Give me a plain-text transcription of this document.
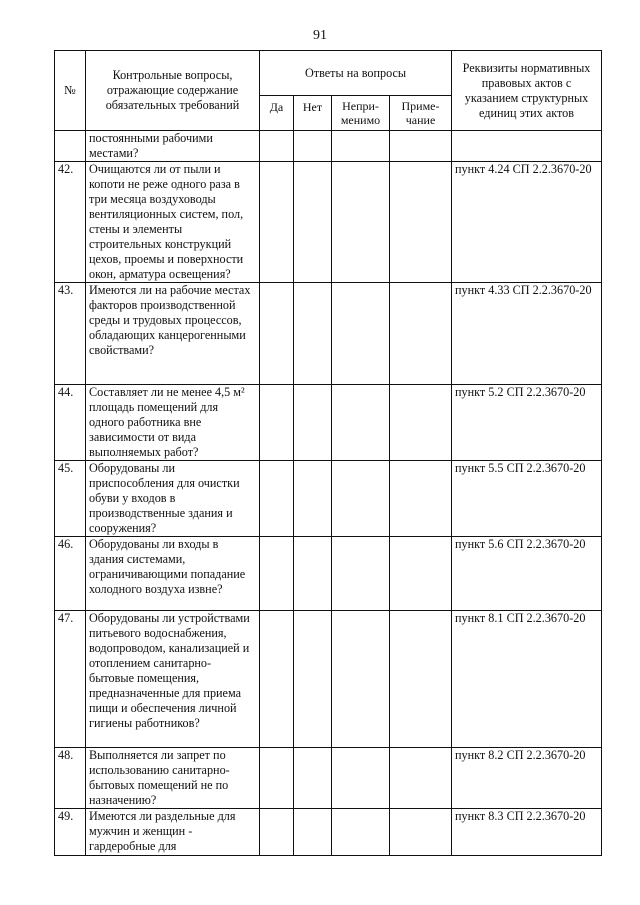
91
№	Контрольные вопросы, отражающие содержание обязательных требований	Ответы на вопросы				Реквизиты нормативных правовых актов с указанием структурных единиц этих актов
		Да	Нет	Непри-менимо	Приме-чание	
	постоянными рабочими местами?					
42.	Очищаются ли от пыли и копоти не реже одного раза в три месяца воздуховоды вентиляционных систем, пол, стены и элементы строительных конструкций цехов, проемы и поверхности окон, арматура освещения?					пункт 4.24 СП 2.2.3670-20
43.	Имеются ли на рабочие местах факторов производственной среды и трудовых процессов, обладающих канцерогенными свойствами?					пункт 4.33 СП 2.2.3670-20
44.	Составляет ли не менее 4,5 м² площадь помещений для одного работника вне зависимости от вида выполняемых работ?					пункт 5.2 СП 2.2.3670-20
45.	Оборудованы ли приспособления для очистки обуви у входов в производственные здания и сооружения?					пункт 5.5 СП 2.2.3670-20
46.	Оборудованы ли входы в здания системами, ограничивающими попадание холодного воздуха извне?					пункт 5.6 СП 2.2.3670-20
47.	Оборудованы ли устройствами питьевого водоснабжения, водопроводом, канализацией и отоплением санитарно-бытовые помещения, предназначенные для приема пищи и обеспечения личной гигиены работников?					пункт 8.1 СП 2.2.3670-20
48.	Выполняется ли запрет по использованию санитарно-бытовых помещений не по назначению?					пункт 8.2 СП 2.2.3670-20
49.	Имеются ли раздельные для мужчин и женщин - гардеробные для					пункт 8.3 СП 2.2.3670-20
